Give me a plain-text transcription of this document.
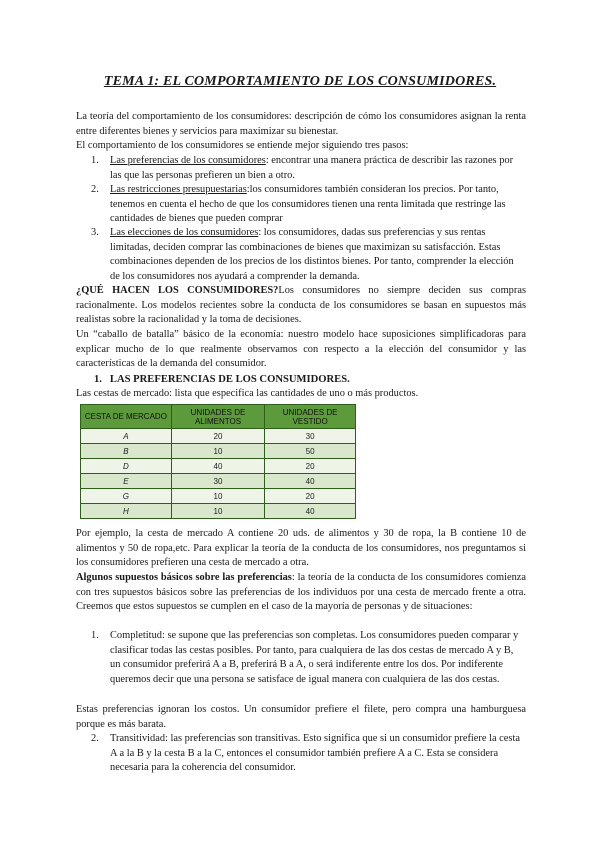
TEMA 1: EL COMPORTAMIENTO DE LOS CONSUMIDORES.
La teoría del comportamiento de los consumidores: descripción de cómo los consumidores asignan la renta entre diferentes bienes y servicios para maximizar su bienestar.
El comportamiento de los consumidores se entiende mejor siguiendo tres pasos:
1. Las preferencias de los consumidores: encontrar una manera práctica de describir las razones por las que las personas prefieren un bien a otro.
2. Las restricciones presupuestarias:los consumidores también consideran los precios. Por tanto, tenemos en cuenta el hecho de que los consumidores tienen una renta limitada que restringe las cantidades de bienes que pueden comprar
3. Las elecciones de los consumidores: los consumidores, dadas sus preferencias y sus rentas limitadas, deciden comprar las combinaciones de bienes que maximizan su satisfacción. Estas combinaciones dependen de los precios de los distintos bienes. Por tanto, comprender la elección de los consumidores nos ayudará a comprender la demanda.
¿QUÉ HACEN LOS CONSUMIDORES?Los consumidores no siempre deciden sus compras racionalmente. Los modelos recientes sobre la conducta de los consumidores se basan en supuestos más realistas sobre la racionalidad y la toma de decisiones.
Un “caballo de batalla” básico de la economía: nuestro modelo hace suposiciones simplificadoras para explicar mucho de lo que realmente observamos con respecto a la elección del consumidor y las características de la demanda del consumidor.
1. LAS PREFERENCIAS DE LOS CONSUMIDORES.
Las cestas de mercado: lista que especifica las cantidades de uno o más productos.
CESTA DE MERCADO	UNIDADES DE ALIMENTOS	UNIDADES DE VESTIDO
A	20	30
B	10	50
D	40	20
E	30	40
G	10	20
H	10	40
Por ejemplo, la cesta de mercado A contiene 20 uds. de alimentos y 30 de ropa, la B contiene 10 de alimentos y 50 de ropa,etc. Para explicar la teoría de la conducta de los consumidores, nos preguntamos si los consumidores prefieren una cesta de mercado a otra.
Algunos supuestos básicos sobre las preferencias: la teoría de la conducta de los consumidores comienza con tres supuestos básicos sobre las preferencias de los individuos por una cesta de mercado frente a otra. Creemos que estos supuestos se cumplen en el caso de la mayoría de personas y de situaciones:
1. Completitud: se supone que las preferencias son completas. Los consumidores pueden comparar y clasificar todas las cestas posibles. Por tanto, para cualquiera de las dos cestas de mercado A y B, un consumidor preferirá A a B, preferirá B a A, o será indiferente entre los dos. Por indiferente queremos decir que una persona se satisface de igual manera con cualquiera de las dos cestas.
Estas preferencias ignoran los costos. Un consumidor prefiere el filete, pero compra una hamburguesa porque es más barata.
2. Transitividad: las preferencias son transitivas. Esto significa que si un consumidor prefiere la cesta A a la B y la cesta B a la C, entonces el consumidor también prefiere A a C. Esta se considera necesaria para la coherencia del consumidor.
